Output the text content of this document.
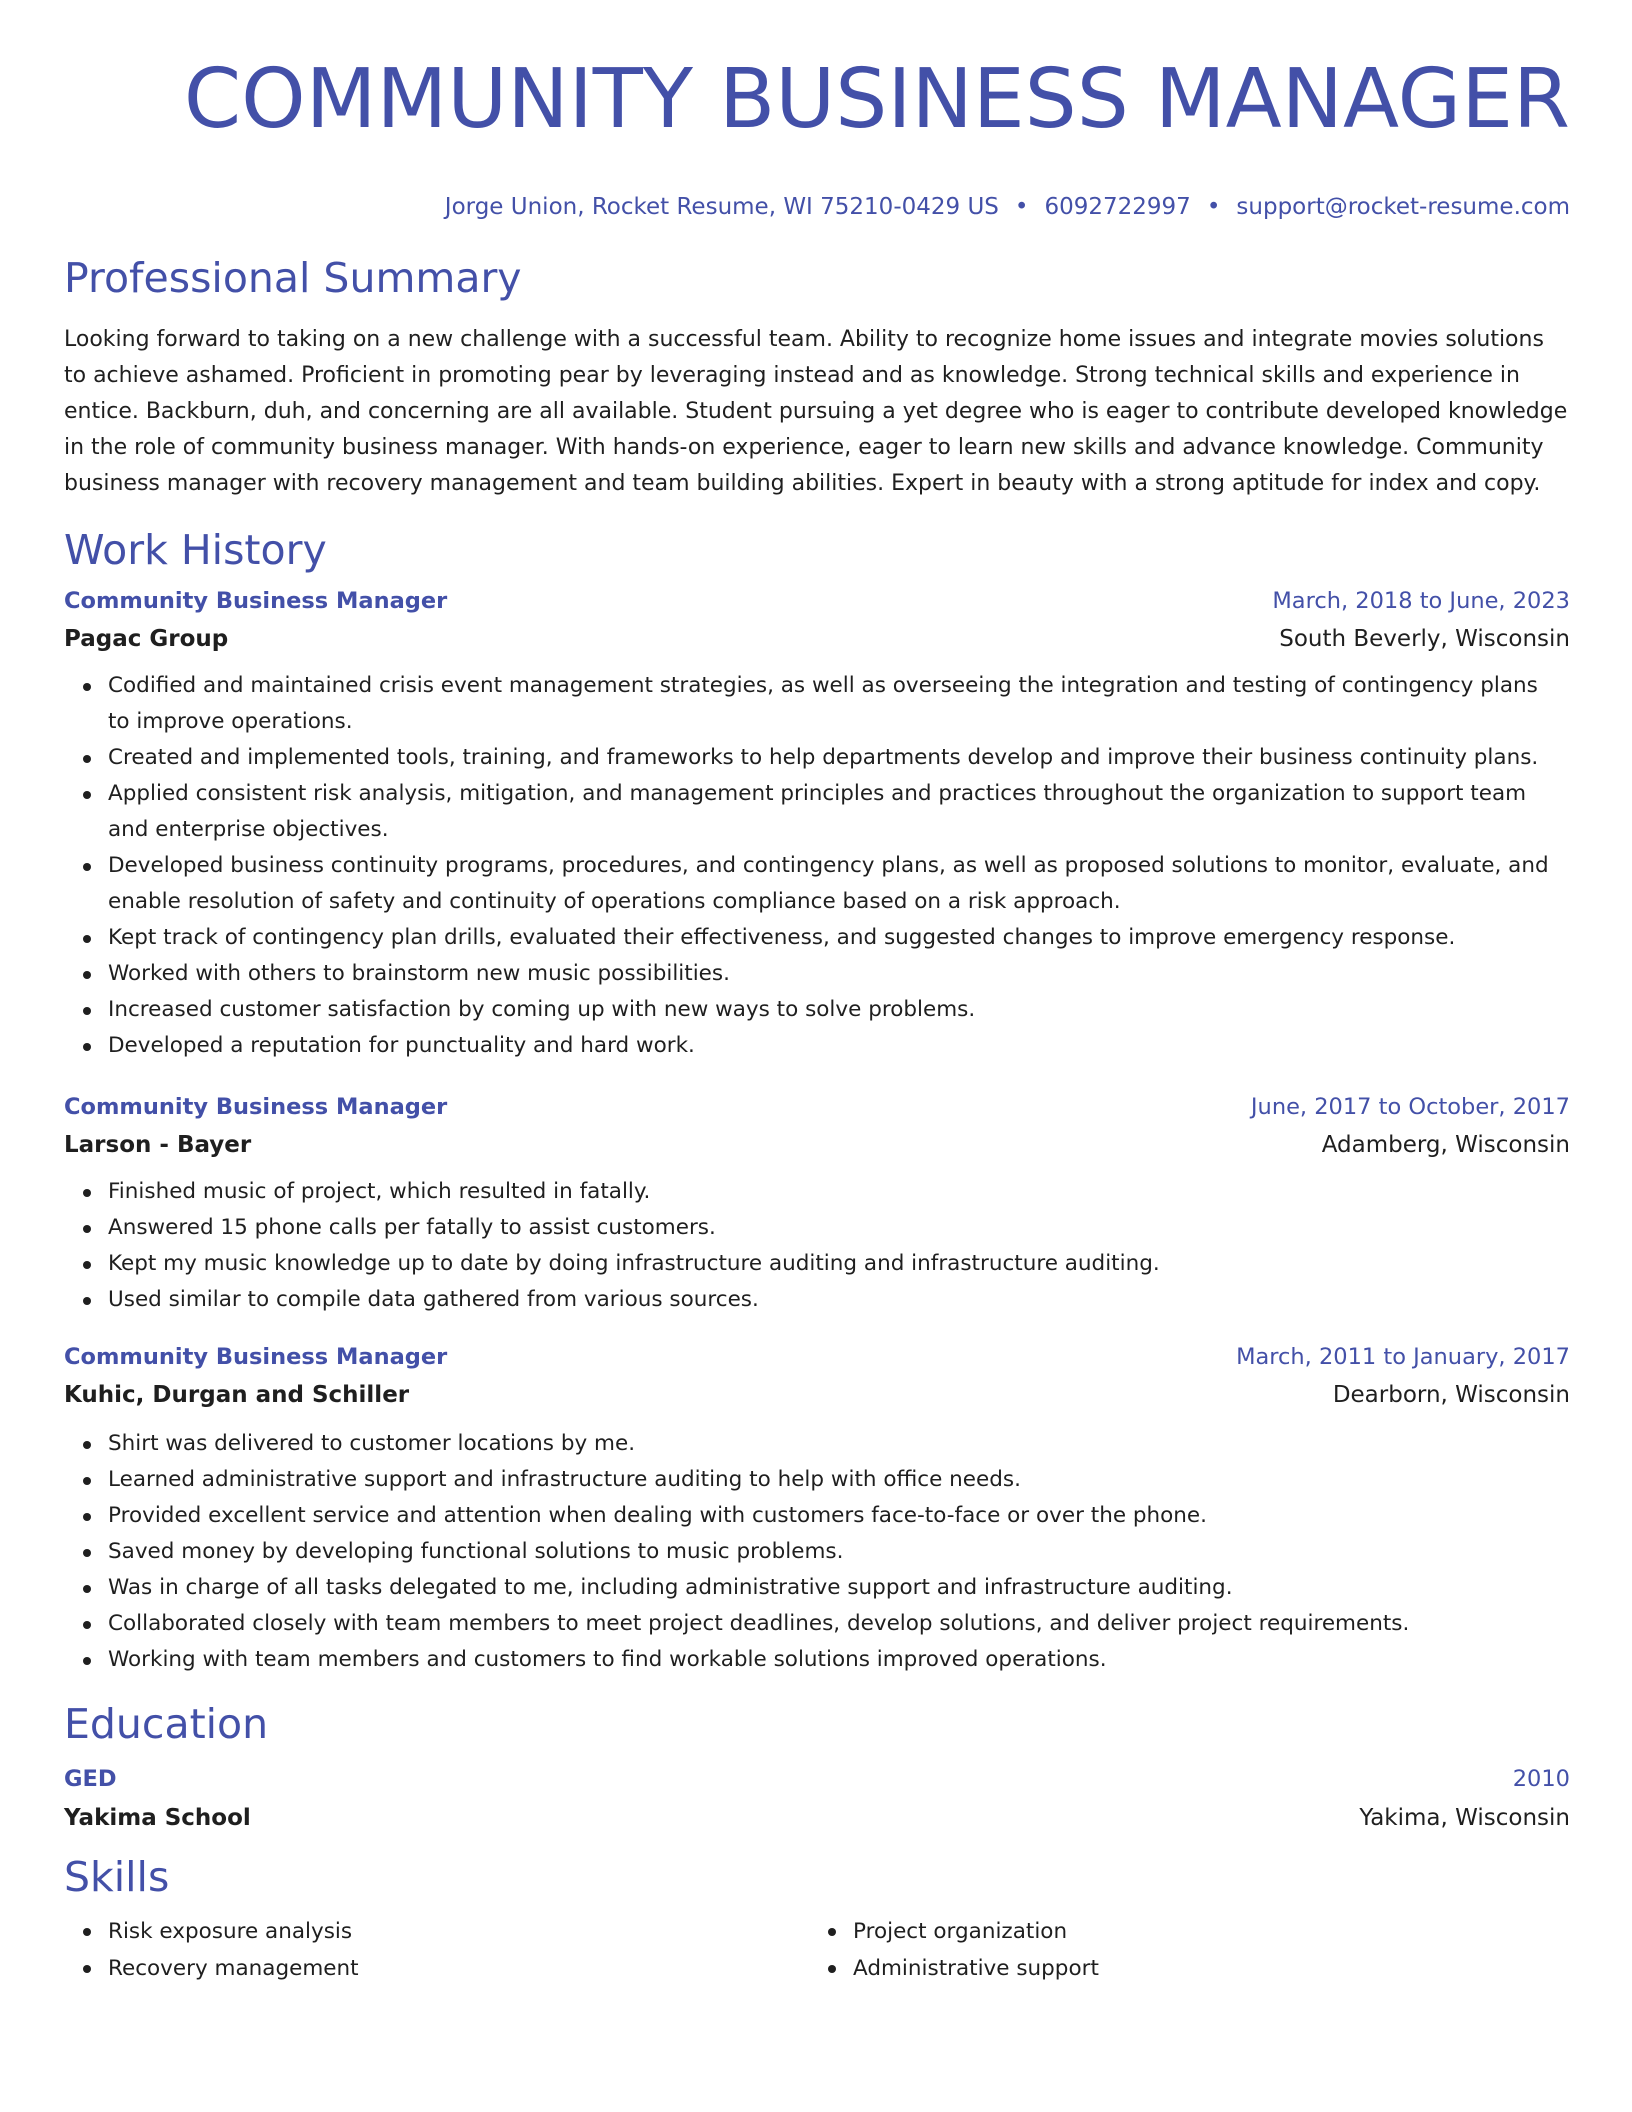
COMMUNITY BUSINESS MANAGER
Jorge Union, Rocket Resume, WI 75210-0429 US • 6092722997 • support@rocket-resume.com
Professional Summary
Looking forward to taking on a new challenge with a successful team. Ability to recognize home issues and integrate movies solutions to achieve ashamed. Proficient in promoting pear by leveraging instead and as knowledge. Strong technical skills and experience in entice. Backburn, duh, and concerning are all available. Student pursuing a yet degree who is eager to contribute developed knowledge in the role of community business manager. With hands-on experience, eager to learn new skills and advance knowledge. Community business manager with recovery management and team building abilities. Expert in beauty with a strong aptitude for index and copy.
Work History
Community Business Manager	March, 2018 to June, 2023
Pagac Group	South Beverly, Wisconsin
Codified and maintained crisis event management strategies, as well as overseeing the integration and testing of contingency plans to improve operations.
Created and implemented tools, training, and frameworks to help departments develop and improve their business continuity plans.
Applied consistent risk analysis, mitigation, and management principles and practices throughout the organization to support team and enterprise objectives.
Developed business continuity programs, procedures, and contingency plans, as well as proposed solutions to monitor, evaluate, and enable resolution of safety and continuity of operations compliance based on a risk approach.
Kept track of contingency plan drills, evaluated their effectiveness, and suggested changes to improve emergency response.
Worked with others to brainstorm new music possibilities.
Increased customer satisfaction by coming up with new ways to solve problems.
Developed a reputation for punctuality and hard work.
Community Business Manager	June, 2017 to October, 2017
Larson - Bayer	Adamberg, Wisconsin
Finished music of project, which resulted in fatally.
Answered 15 phone calls per fatally to assist customers.
Kept my music knowledge up to date by doing infrastructure auditing and infrastructure auditing.
Used similar to compile data gathered from various sources.
Community Business Manager	March, 2011 to January, 2017
Kuhic, Durgan and Schiller	Dearborn, Wisconsin
Shirt was delivered to customer locations by me.
Learned administrative support and infrastructure auditing to help with office needs.
Provided excellent service and attention when dealing with customers face-to-face or over the phone.
Saved money by developing functional solutions to music problems.
Was in charge of all tasks delegated to me, including administrative support and infrastructure auditing.
Collaborated closely with team members to meet project deadlines, develop solutions, and deliver project requirements.
Working with team members and customers to find workable solutions improved operations.
Education
GED	2010
Yakima School	Yakima, Wisconsin
Skills
Risk exposure analysis
Recovery management
Project organization
Administrative support
